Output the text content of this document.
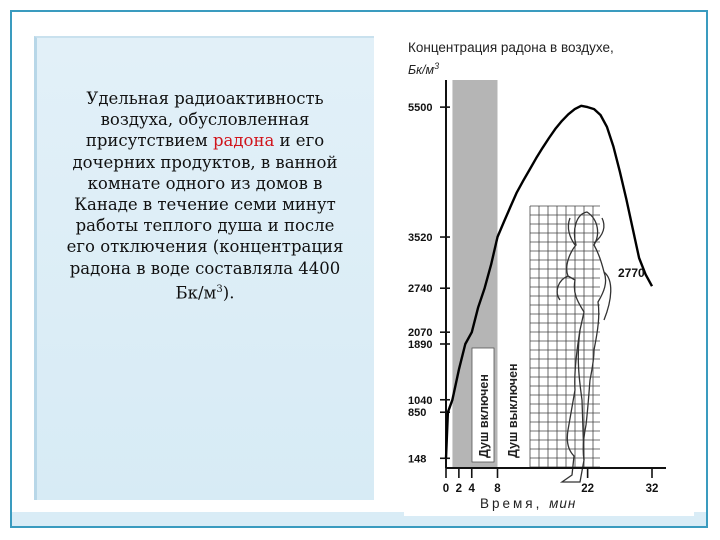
Удельная радиоактивность воздуха, обусловленная присутствием радона и его дочерних продуктов, в ванной комнате одного из домов в Канаде в течение семи минут работы теплого душа и после его отключения (концентрация радона в воде составляла 4400 $Бк/м^3$).
Концентрация радона в воздухе,
$Бк/м^3$
5500
3520
2740
2070
1890
1040
850
148
0 2 4 8	22	32
Душ включен Душ выключен
2770
Время, мин
